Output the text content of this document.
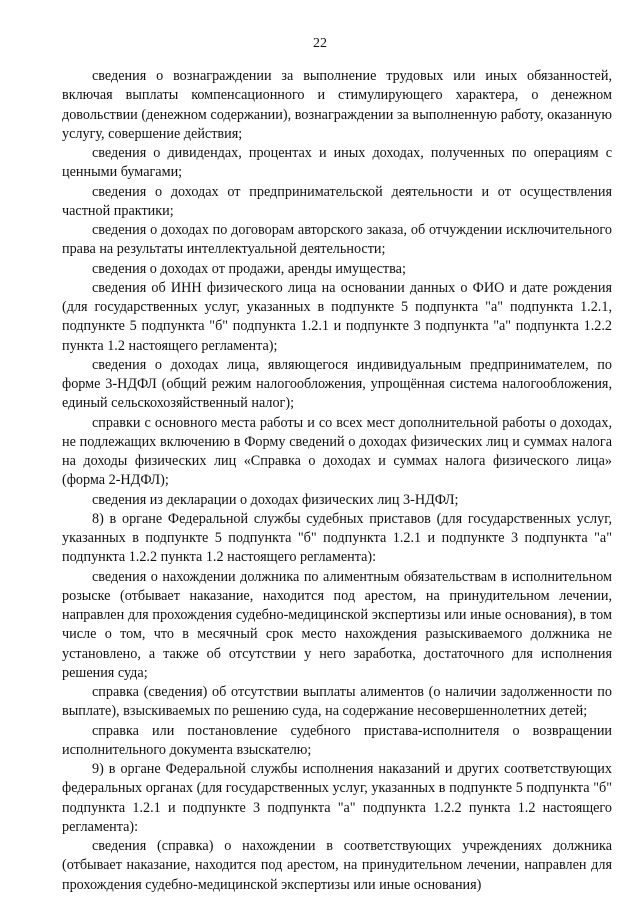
22

сведения о вознаграждении за выполнение трудовых или иных обязанностей, включая выплаты компенсационного и стимулирующего характера, о денежном довольствии (денежном содержании), вознаграждении за выполненную работу, оказанную услугу, совершение действия;

сведения о дивидендах, процентах и иных доходах, полученных по операциям с ценными бумагами;

сведения о доходах от предпринимательской деятельности и от осуществления частной практики;

сведения о доходах по договорам авторского заказа, об отчуждении исключительного права на результаты интеллектуальной деятельности;

сведения о доходах от продажи, аренды имущества;

сведения об ИНН физического лица на основании данных о ФИО и дате рождения (для государственных услуг, указанных в подпункте 5 подпункта "а" подпункта 1.2.1, подпункте 5 подпункта "б" подпункта 1.2.1 и подпункте 3 подпункта "а" подпункта 1.2.2 пункта 1.2 настоящего регламента);

сведения о доходах лица, являющегося индивидуальным предпринимателем, по форме 3-НДФЛ (общий режим налогообложения, упрощённая система налогообложения, единый сельскохозяйственный налог);

справки с основного места работы и со всех мест дополнительной работы о доходах, не подлежащих включению в Форму сведений о доходах физических лиц и суммах налога на доходы физических лиц «Справка о доходах и суммах налога физического лица» (форма 2-НДФЛ);

сведения из декларации о доходах физических лиц 3-НДФЛ;

8) в органе Федеральной службы судебных приставов (для государственных услуг, указанных в подпункте 5 подпункта "б" подпункта 1.2.1 и подпункте 3 подпункта "а" подпункта 1.2.2 пункта 1.2 настоящего регламента):

сведения о нахождении должника по алиментным обязательствам в исполнительном розыске (отбывает наказание, находится под арестом, на принудительном лечении, направлен для прохождения судебно-медицинской экспертизы или иные основания), в том числе о том, что в месячный срок место нахождения разыскиваемого должника не установлено, а также об отсутствии у него заработка, достаточного для исполнения решения суда;

справка (сведения) об отсутствии выплаты алиментов (о наличии задолженности по выплате), взыскиваемых по решению суда, на содержание несовершеннолетних детей;

справка или постановление судебного пристава-исполнителя о возвращении исполнительного документа взыскателю;

9) в органе Федеральной службы исполнения наказаний и других соответствующих федеральных органах (для государственных услуг, указанных в подпункте 5 подпункта "б" подпункта 1.2.1 и подпункте 3 подпункта "а" подпункта 1.2.2 пункта 1.2 настоящего регламента):

сведения (справка) о нахождении в соответствующих учреждениях должника (отбывает наказание, находится под арестом, на принудительном лечении, направлен для прохождения судебно-медицинской экспертизы или иные основания)
